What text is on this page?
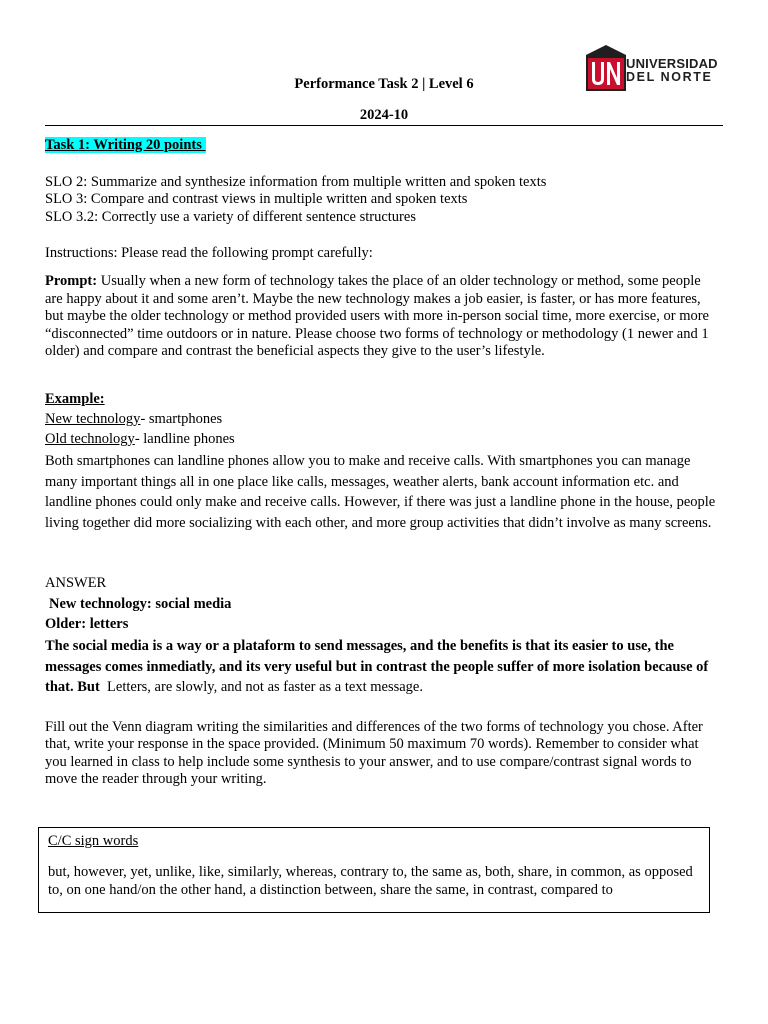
UNIVERSIDAD
DEL NORTE
Performance Task 2 | Level 6
2024-10
Task 1: Writing 20 points
SLO 2: Summarize and synthesize information from multiple written and spoken texts
SLO 3: Compare and contrast views in multiple written and spoken texts
SLO 3.2: Correctly use a variety of different sentence structures
Instructions: Please read the following prompt carefully:
Prompt: Usually when a new form of technology takes the place of an older technology or method, some people are happy about it and some aren’t. Maybe the new technology makes a job easier, is faster, or has more features, but maybe the older technology or method provided users with more in-person social time, more exercise, or more “disconnected” time outdoors or in nature. Please choose two forms of technology or methodology (1 newer and 1 older) and compare and contrast the beneficial aspects they give to the user’s lifestyle.
Example:
New technology- smartphones
Old technology- landline phones
Both smartphones can landline phones allow you to make and receive calls. With smartphones you can manage many important things all in one place like calls, messages, weather alerts, bank account information etc. and landline phones could only make and receive calls. However, if there was just a landline phone in the house, people living together did more socializing with each other, and more group activities that didn’t involve as many screens.
ANSWER
New technology: social media
Older: letters
The social media is a way or a plataform to send messages, and the benefits is that its easier to use, the messages comes inmediatly, and its very useful but in contrast the people suffer of more isolation because of that. But Letters, are slowly, and not as faster as a text message.
Fill out the Venn diagram writing the similarities and differences of the two forms of technology you chose. After that, write your response in the space provided. (Minimum 50 maximum 70 words). Remember to consider what you learned in class to help include some synthesis to your answer, and to use compare/contrast signal words to move the reader through your writing.
C/C sign words
but, however, yet, unlike, like, similarly, whereas, contrary to, the same as, both, share, in common, as opposed to, on one hand/on the other hand, a distinction between, share the same, in contrast, compared to
